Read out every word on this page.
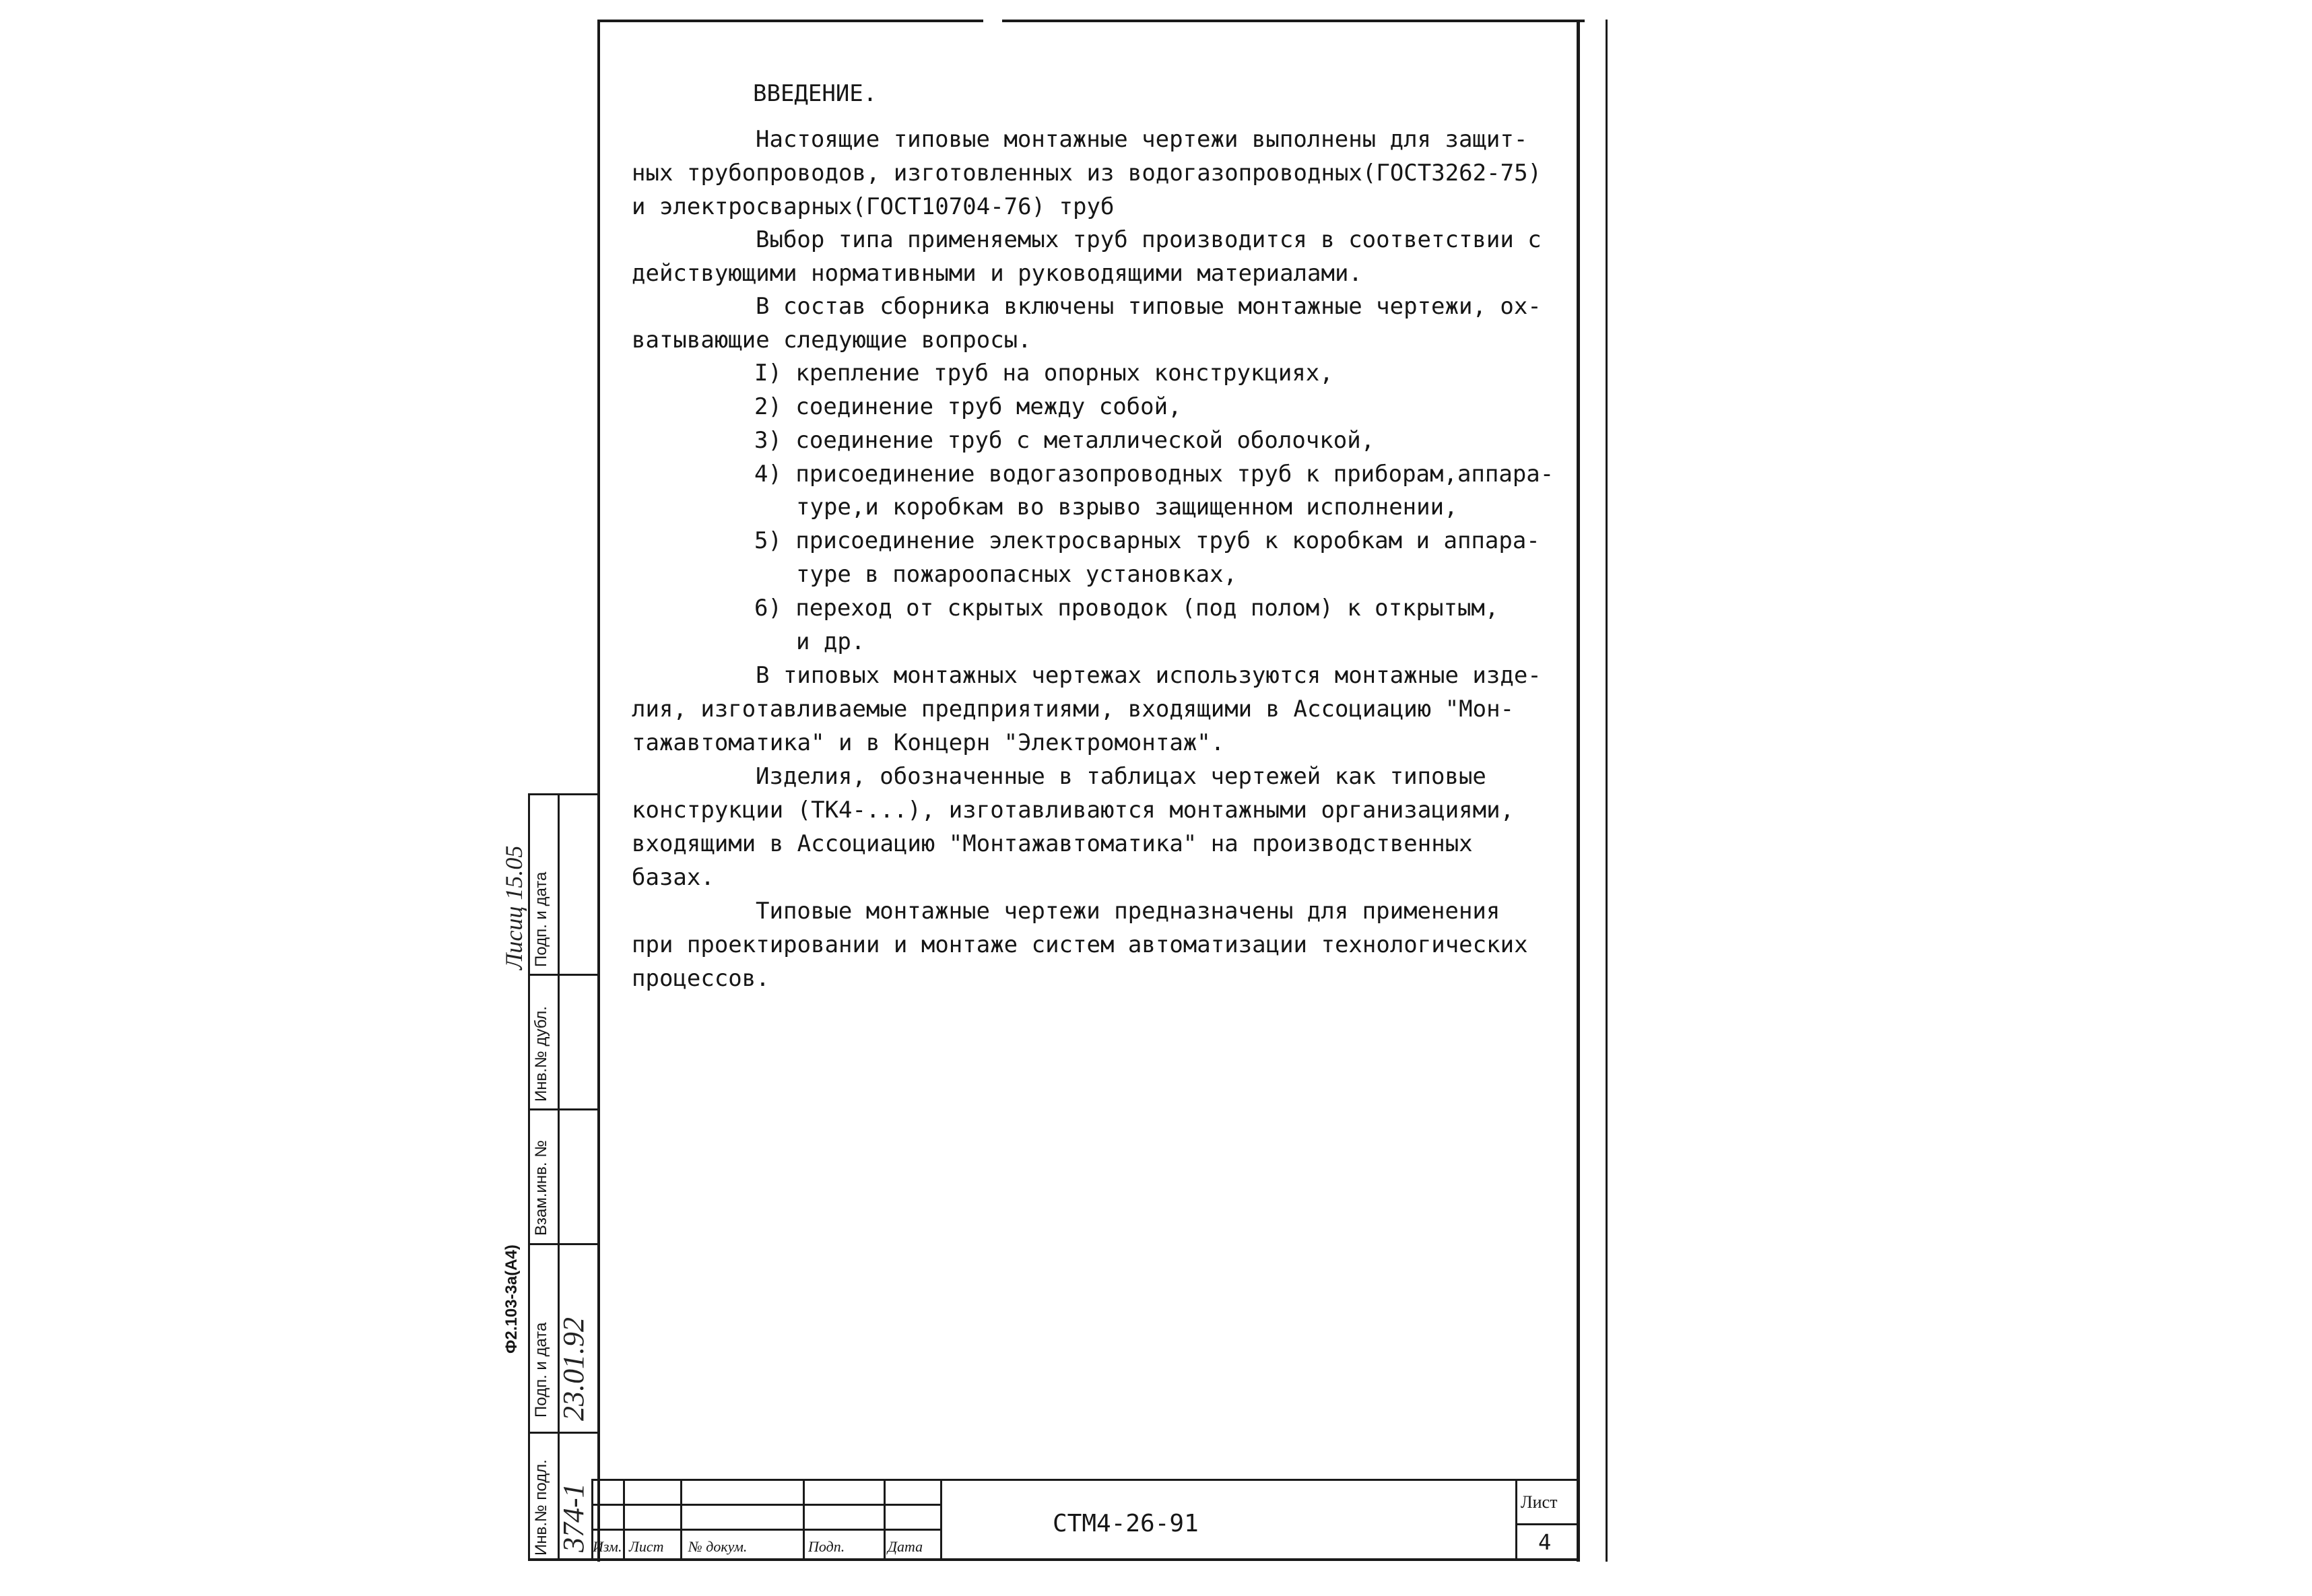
ВВЕДЕНИЕ.
Настоящие типовые монтажные чертежи выполнены для защит-
ных трубопроводов, изготовленных из водогазопроводных(ГОСТ3262-75)
и электросварных(ГОСТ10704-76) труб
Выбор типа применяемых труб производится в соответствии с
действующими нормативными и руководящими материалами.
В состав сборника включены типовые монтажные чертежи, ох-
ватывающие следующие вопросы.
I) крепление труб на опорных конструкциях,
2) соединение труб между собой,
3) соединение труб с металлической оболочкой,
4) присоединение водогазопроводных труб к приборам,аппара-
туре,и коробкам во взрыво защищенном исполнении,
5) присоединение электросварных труб к коробкам и аппара-
туре в пожароопасных установках,
6) переход от скрытых проводок (под полом) к открытым,
и др.
В типовых монтажных чертежах используются монтажные изде-
лия, изготавливаемые предприятиями, входящими в Ассоциацию "Мон-
тажавтоматика" и в Концерн "Электромонтаж".
Изделия, обозначенные в таблицах чертежей как типовые
конструкции (ТК4-...), изготавливаются монтажными организациями,
входящими в Ассоциацию "Монтажавтоматика" на производственных
базах.
Типовые монтажные чертежи предназначены для применения
при проектировании и монтаже систем автоматизации технологических
процессов.
Изм. Лист № докум.	Подп.	Дата
СТМ4-26-91
Лист
4
Инв.№ подл.
Подп. и дата
Взам.инв. №
Инв.№ дубл.
Подп. и дата
Ф2.103-3а(А4)
374-1
23.01.92
Лисиц 15.05
